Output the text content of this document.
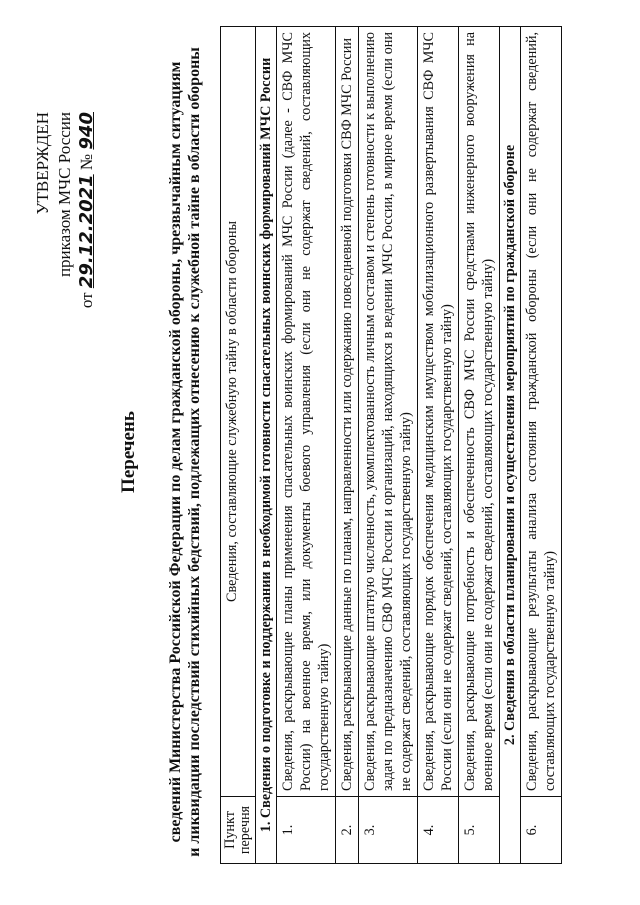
УТВЕРЖДЕН приказом МЧС России
от 29.12.2021 № 940
Перечень сведений Министерства Российской Федерации по делам гражданской обороны, чрезвычайным ситуациям и ликвидации последствий стихийных бедствий, подлежащих отнесению к служебной тайне в области обороны Пункт перечня	Сведения, составляющие служебную тайну в области обороны
1. Сведения о подготовке и поддержании в необходимой готовности спасательных воинских формирований МЧС России	
1.	Сведения, раскрывающие планы применения спасательных воинских формирований МЧС России (далее - СВФ МЧС России) на военное время, или документы боевого управления (если они не содержат сведений, составляющих государственную тайну)
2.	Сведения, раскрывающие данные по планам, направленности или содержанию повседневной подготовки СВФ МЧС России
3.	Сведения, раскрывающие штатную численность, укомплектованность личным составом и степень готовности к выполнению задач по предназначению СВФ МЧС России и организаций, находящихся в ведении МЧС России, в мирное время (если они не содержат сведений, составляющих государственную тайну)
4.	Сведения, раскрывающие порядок обеспечения медицинским имуществом мобилизационного развертывания СВФ МЧС России (если они не содержат сведений, составляющих государственную тайну)
5.	Сведения, раскрывающие потребность и обеспеченность СВФ МЧС России средствами инженерного вооружения на военное время (если они не содержат сведений, составляющих государственную тайну)
2. Сведения в области планирования и осуществления мероприятий по гражданской обороне	
6.	Сведения, раскрывающие результаты анализа состояния гражданской обороны (если они не содержат сведений, составляющих государственную тайну)
